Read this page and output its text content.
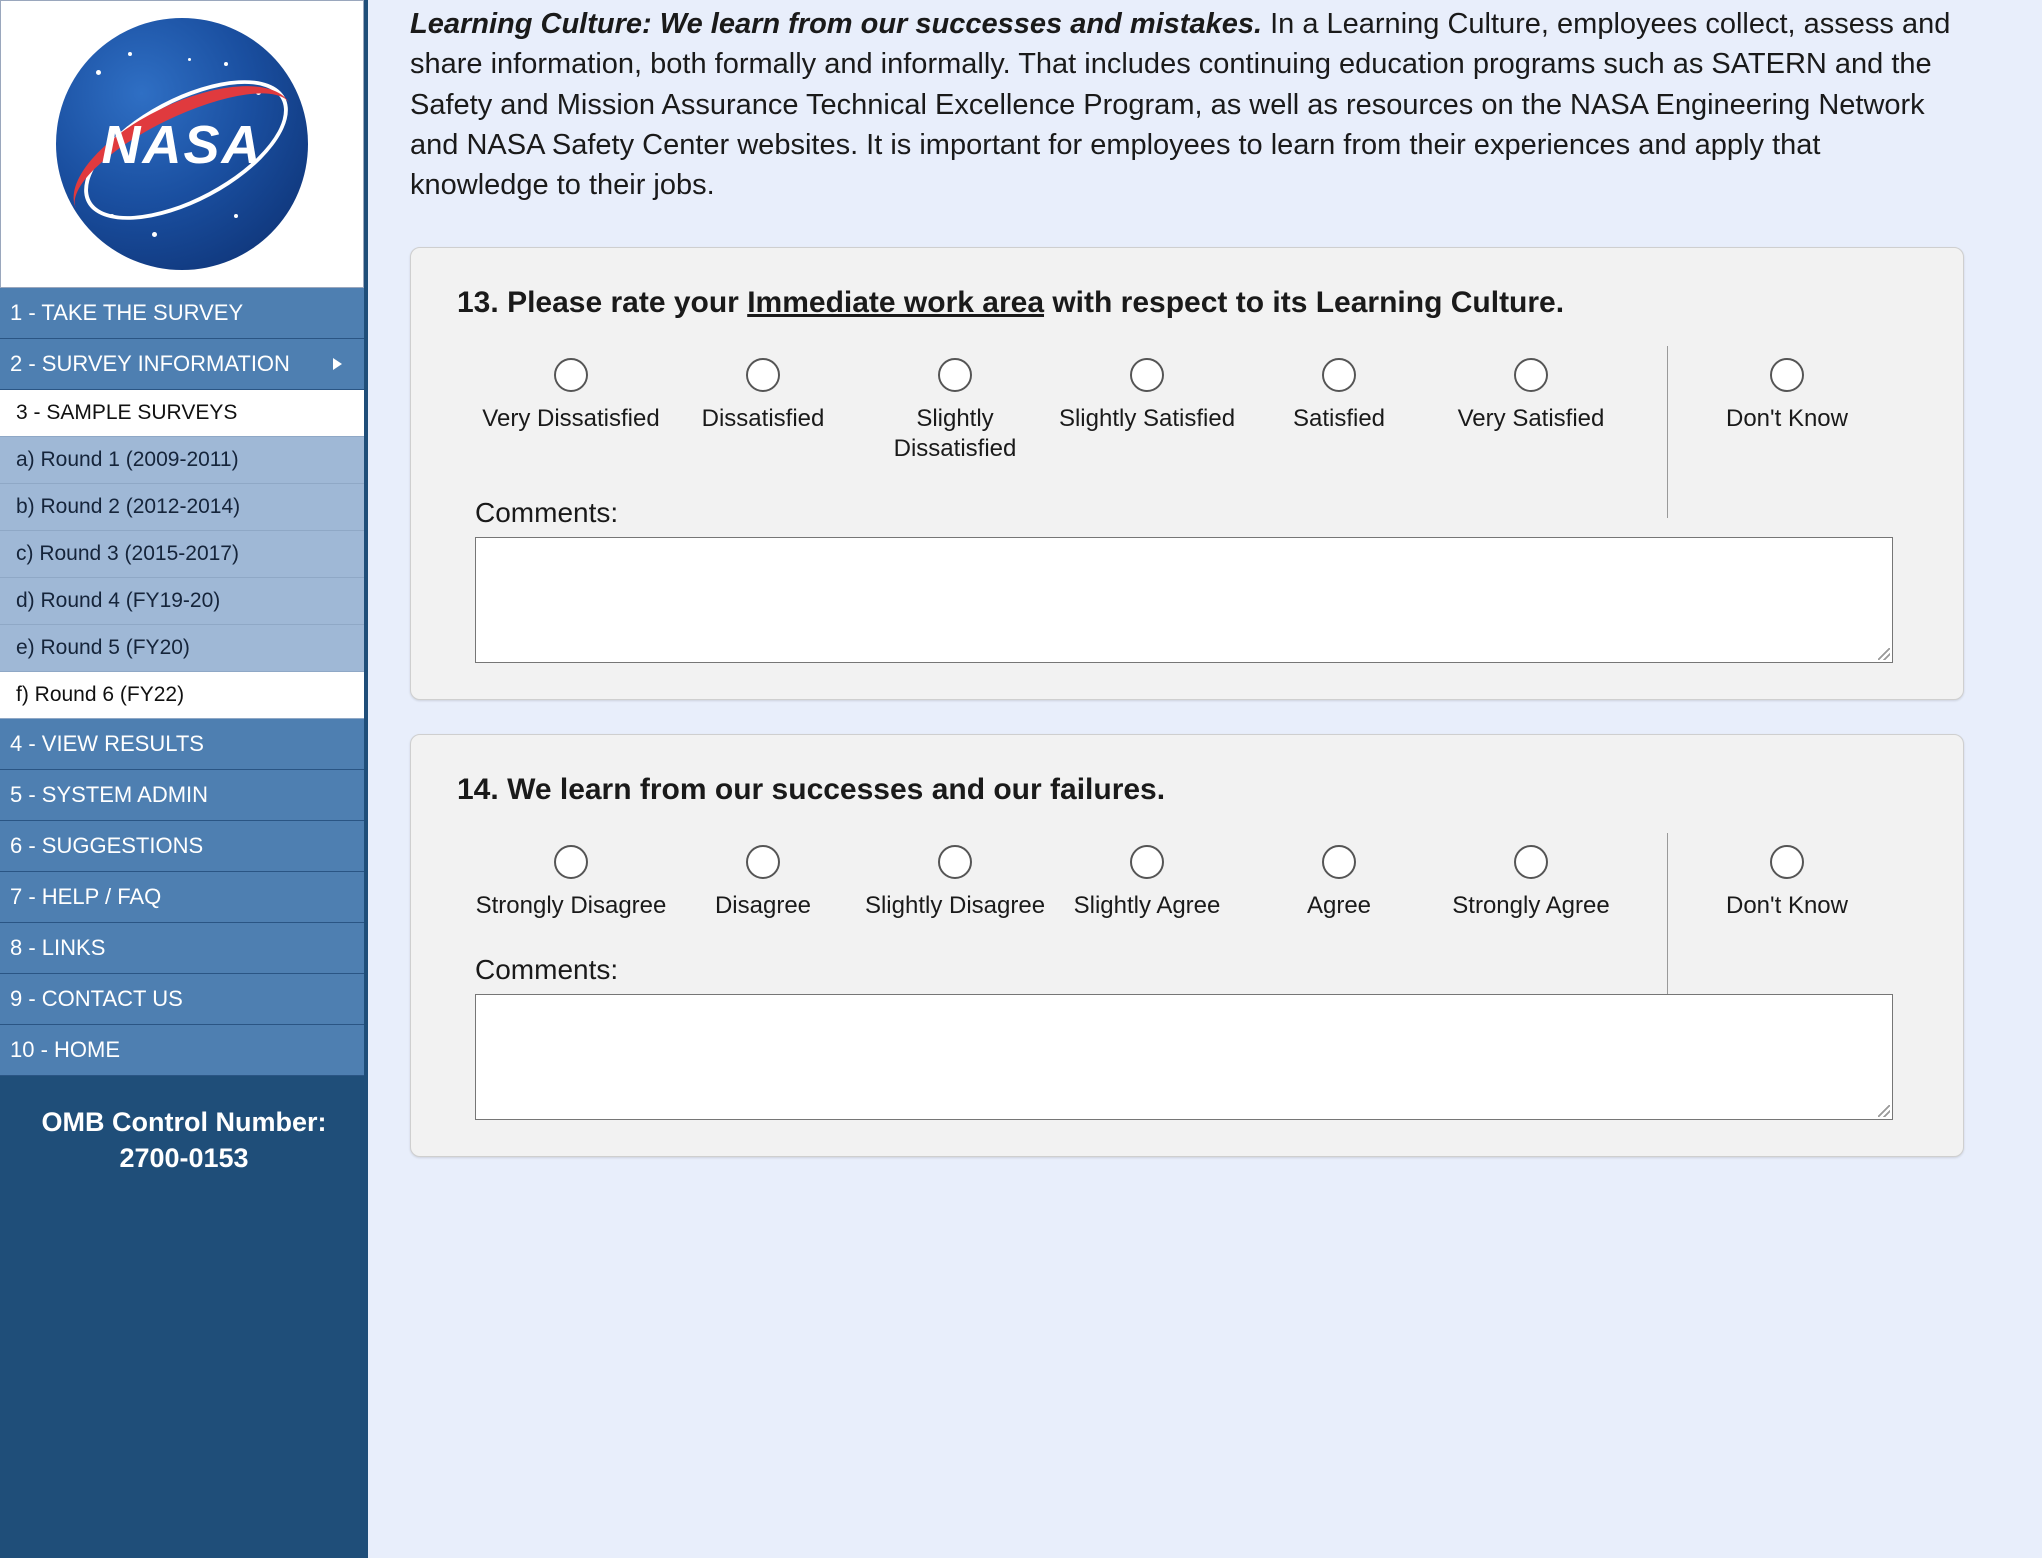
NASA
1 - TAKE THE SURVEY
2 - SURVEY INFORMATION
3 - SAMPLE SURVEYS
a) Round 1 (2009-2011)
b) Round 2 (2012-2014)
c) Round 3 (2015-2017)
d) Round 4 (FY19-20)
e) Round 5 (FY20)
f) Round 6 (FY22)
4 - VIEW RESULTS
5 - SYSTEM ADMIN
6 - SUGGESTIONS
7 - HELP / FAQ
8 - LINKS
9 - CONTACT US
10 - HOME
OMB Control Number:
2700-0153
Learning Culture: We learn from our successes and mistakes. In a Learning Culture, employees collect, assess and share information, both formally and informally. That includes continuing education programs such as SATERN and the Safety and Mission Assurance Technical Excellence Program, as well as resources on the NASA Engineering Network and NASA Safety Center websites. It is important for employees to learn from their experiences and apply that knowledge to their jobs.
13. Please rate your Immediate work area with respect to its Learning Culture.
Very Dissatisfied	Dissatisfied	Slightly Dissatisfied
Slightly Satisfied	Satisfied	Very Satisfied	Don't Know
Comments:
14. We learn from our successes and our failures.
Strongly Disagree	Disagree	Slightly Disagree	Slightly Agree	Agree	Strongly Agree	Don't Know
Comments:
